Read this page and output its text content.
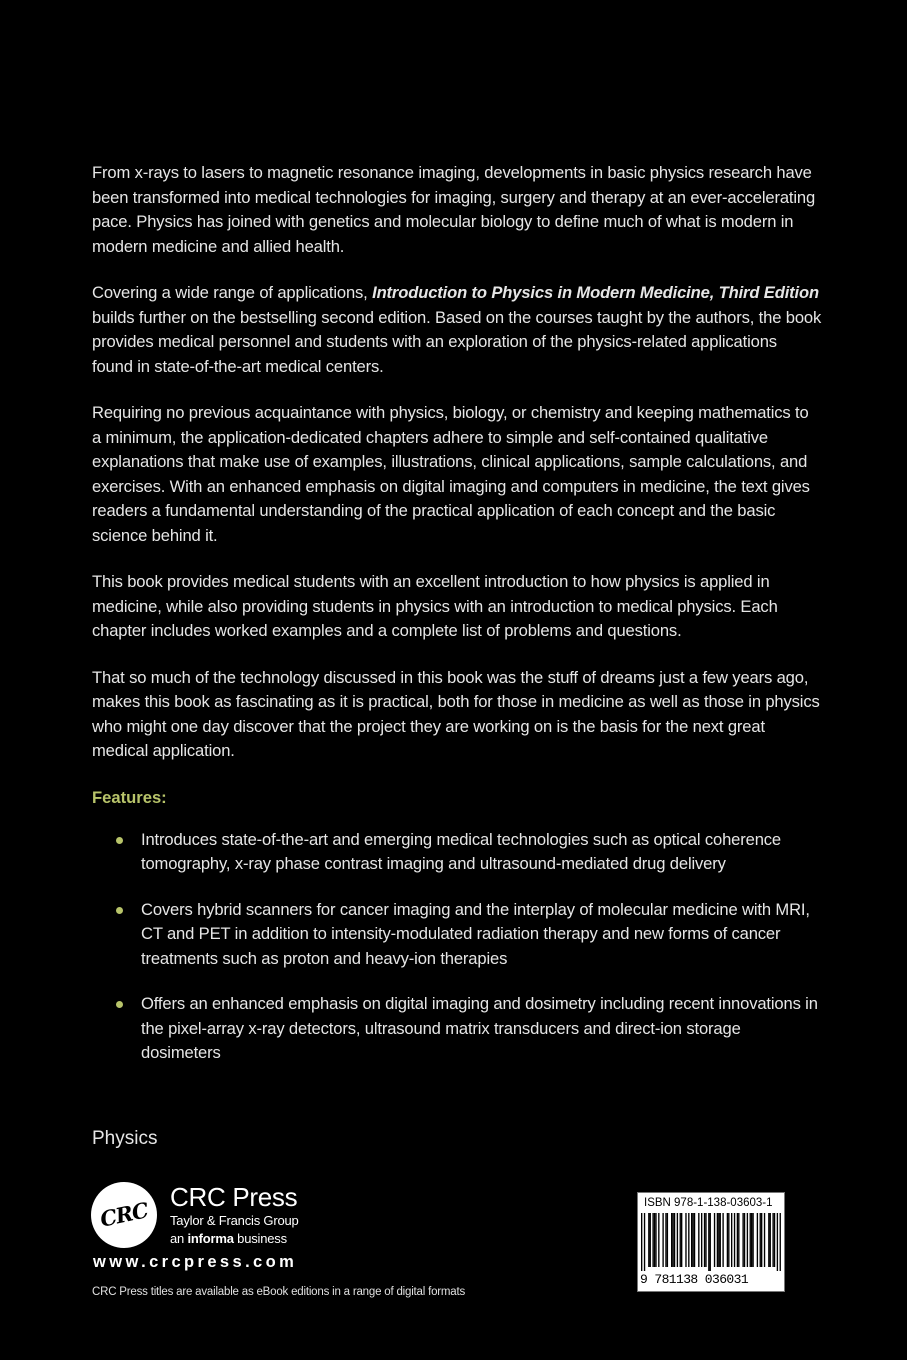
From x-rays to lasers to magnetic resonance imaging, developments in basic physics research have been transformed into medical technologies for imaging, surgery and therapy at an ever-accelerating pace. Physics has joined with genetics and molecular biology to define much of what is modern in modern medicine and allied health.

Covering a wide range of applications, Introduction to Physics in Modern Medicine, Third Edition builds further on the bestselling second edition. Based on the courses taught by the authors, the book provides medical personnel and students with an exploration of the physics-related applications found in state-of-the-art medical centers.

Requiring no previous acquaintance with physics, biology, or chemistry and keeping mathematics to a minimum, the application-dedicated chapters adhere to simple and self-contained qualitative explanations that make use of examples, illustrations, clinical applications, sample calculations, and exercises. With an enhanced emphasis on digital imaging and computers in medicine, the text gives readers a fundamental understanding of the practical application of each concept and the basic science behind it.

This book provides medical students with an excellent introduction to how physics is applied in medicine, while also providing students in physics with an introduction to medical physics. Each chapter includes worked examples and a complete list of problems and questions.

That so much of the technology discussed in this book was the stuff of dreams just a few years ago, makes this book as fascinating as it is practical, both for those in medicine as well as those in physics who might one day discover that the project they are working on is the basis for the next great medical application.

Features:
Introduces state-of-the-art and emerging medical technologies such as optical coherence tomography, x-ray phase contrast imaging and ultrasound-mediated drug delivery
Covers hybrid scanners for cancer imaging and the interplay of molecular medicine with MRI, CT and PET in addition to intensity-modulated radiation therapy and new forms of cancer treatments such as proton and heavy-ion therapies
Offers an enhanced emphasis on digital imaging and dosimetry including recent innovations in the pixel-array x-ray detectors, ultrasound matrix transducers and direct-ion storage dosimeters
Physics
CRC
CRC Press
Taylor & Francis Group
an informa business
www.crcpress.com
CRC Press titles are available as eBook editions in a range of digital formats
ISBN 978-1-138-03603-1
9 781138 036031
